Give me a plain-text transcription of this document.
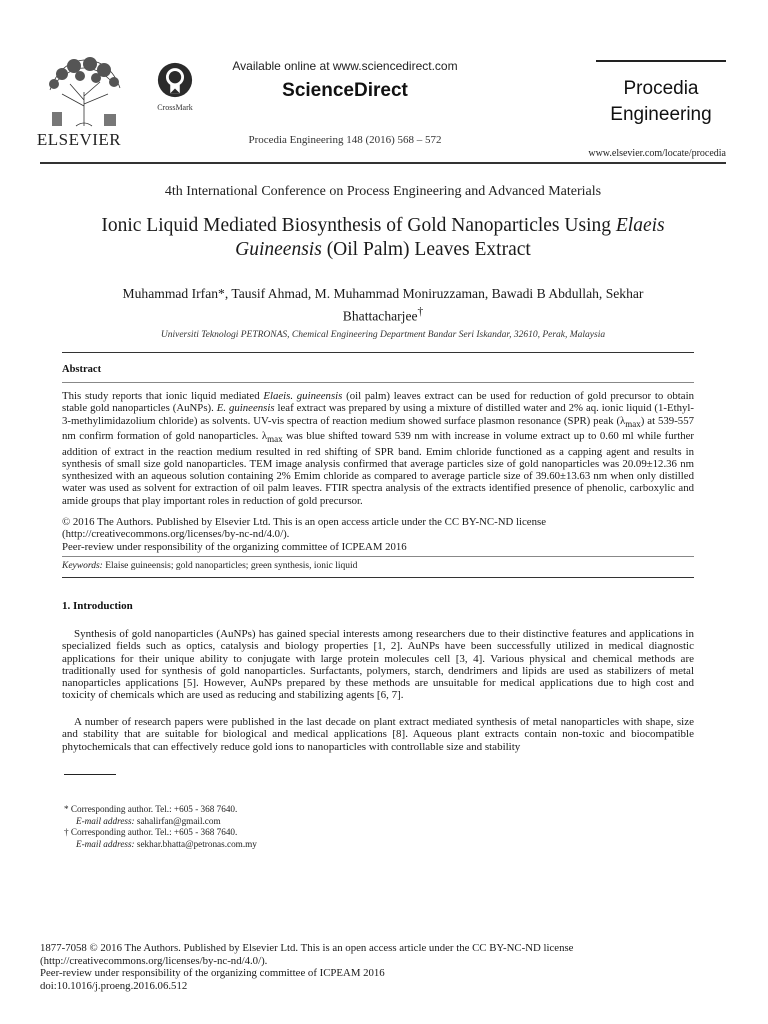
ELSEVIER
CrossMark
Available online at www.sciencedirect.com
ScienceDirect
Procedia Engineering 148 (2016) 568 – 572
Procedia
Engineering
www.elsevier.com/locate/procedia
4th International Conference on Process Engineering and Advanced Materials
Ionic Liquid Mediated Biosynthesis of Gold Nanoparticles Using Elaeis
Guineensis (Oil Palm) Leaves Extract
Muhammad Irfan*, Tausif Ahmad, M. Muhammad Moniruzzaman, Bawadi B Abdullah, Sekhar
Bhattacharjee†
Universiti Teknologi PETRONAS, Chemical Engineering Department Bandar Seri Iskandar, 32610, Perak, Malaysia
Abstract
This study reports that ionic liquid mediated Elaeis. guineensis (oil palm) leaves extract can be used for reduction of gold precursor to obtain stable gold nanoparticles (AuNPs). E. guineensis leaf extract was prepared by using a mixture of distilled water and 2% aq. ionic liquid (1-Ethyl-3-methylimidazolium chloride) as solvents. UV-vis spectra of reaction medium showed surface plasmon resonance (SPR) peak $(\lambda_{max})$ at 539-557 nm confirm formation of gold nanoparticles. $\lambda_{max}$ was blue shifted toward 539 nm with increase in volume extract up to 0.60 ml while further addition of extract in the reaction medium resulted in red shifting of SPR band. Emim chloride functioned as a capping agent and results in synthesis of small size gold nanoparticles. TEM image analysis confirmed that average particles size of gold nanoparticles was 20.09±12.36 nm synthesized with an aqueous solution containing 2% Emim chloride as compared to average particle size of 39.60±13.63 nm when only distilled water was used as solvent for extraction of oil palm leaves. FTIR spectra analysis of the extracts identified presence of phenolic, carboxylic and amide groups that play important roles in reduction of gold precursor.
© 2016 The Authors. Published by Elsevier Ltd. This is an open access article under the CC BY-NC-ND license
(http://creativecommons.org/licenses/by-nc-nd/4.0/).
Peer-review under responsibility of the organizing committee of ICPEAM 2016
Keywords: Elaise guineensis; gold nanoparticles; green synthesis, ionic liquid
1. Introduction
Synthesis of gold nanoparticles (AuNPs) has gained special interests among researchers due to their distinctive features and applications in specialized fields such as optics, catalysis and biology properties [1, 2]. AuNPs have been successfully utilized in medical diagnostic applications for their unique ability to conjugate with large protein molecules cell [3, 4]. Various physical and chemical methods are traditionally used for synthesis of gold nanoparticles. Surfactants, polymers, starch, dendrimers and lipids are used as stabilizers of metal nanoparticles applications [5]. However, AuNPs prepared by these methods are unsuitable for medical applications due to high cost and toxicity of chemicals which are used as reducing and stabilizing agents [6, 7].
A number of research papers were published in the last decade on plant extract mediated synthesis of metal nanoparticles with shape, size and stability that are suitable for biological and medical applications [8]. Aqueous plant extracts contain non-toxic and biocompatible phytochemicals that can effectively reduce gold ions to nanoparticles with controllable size and stability
* Corresponding author. Tel.: +605 - 368 7640.
E-mail address: sahalirfan@gmail.com
† Corresponding author. Tel.: +605 - 368 7640.
E-mail address: sekhar.bhatta@petronas.com.my
1877-7058 © 2016 The Authors. Published by Elsevier Ltd. This is an open access article under the CC BY-NC-ND license
(http://creativecommons.org/licenses/by-nc-nd/4.0/).
Peer-review under responsibility of the organizing committee of ICPEAM 2016
doi:10.1016/j.proeng.2016.06.512
